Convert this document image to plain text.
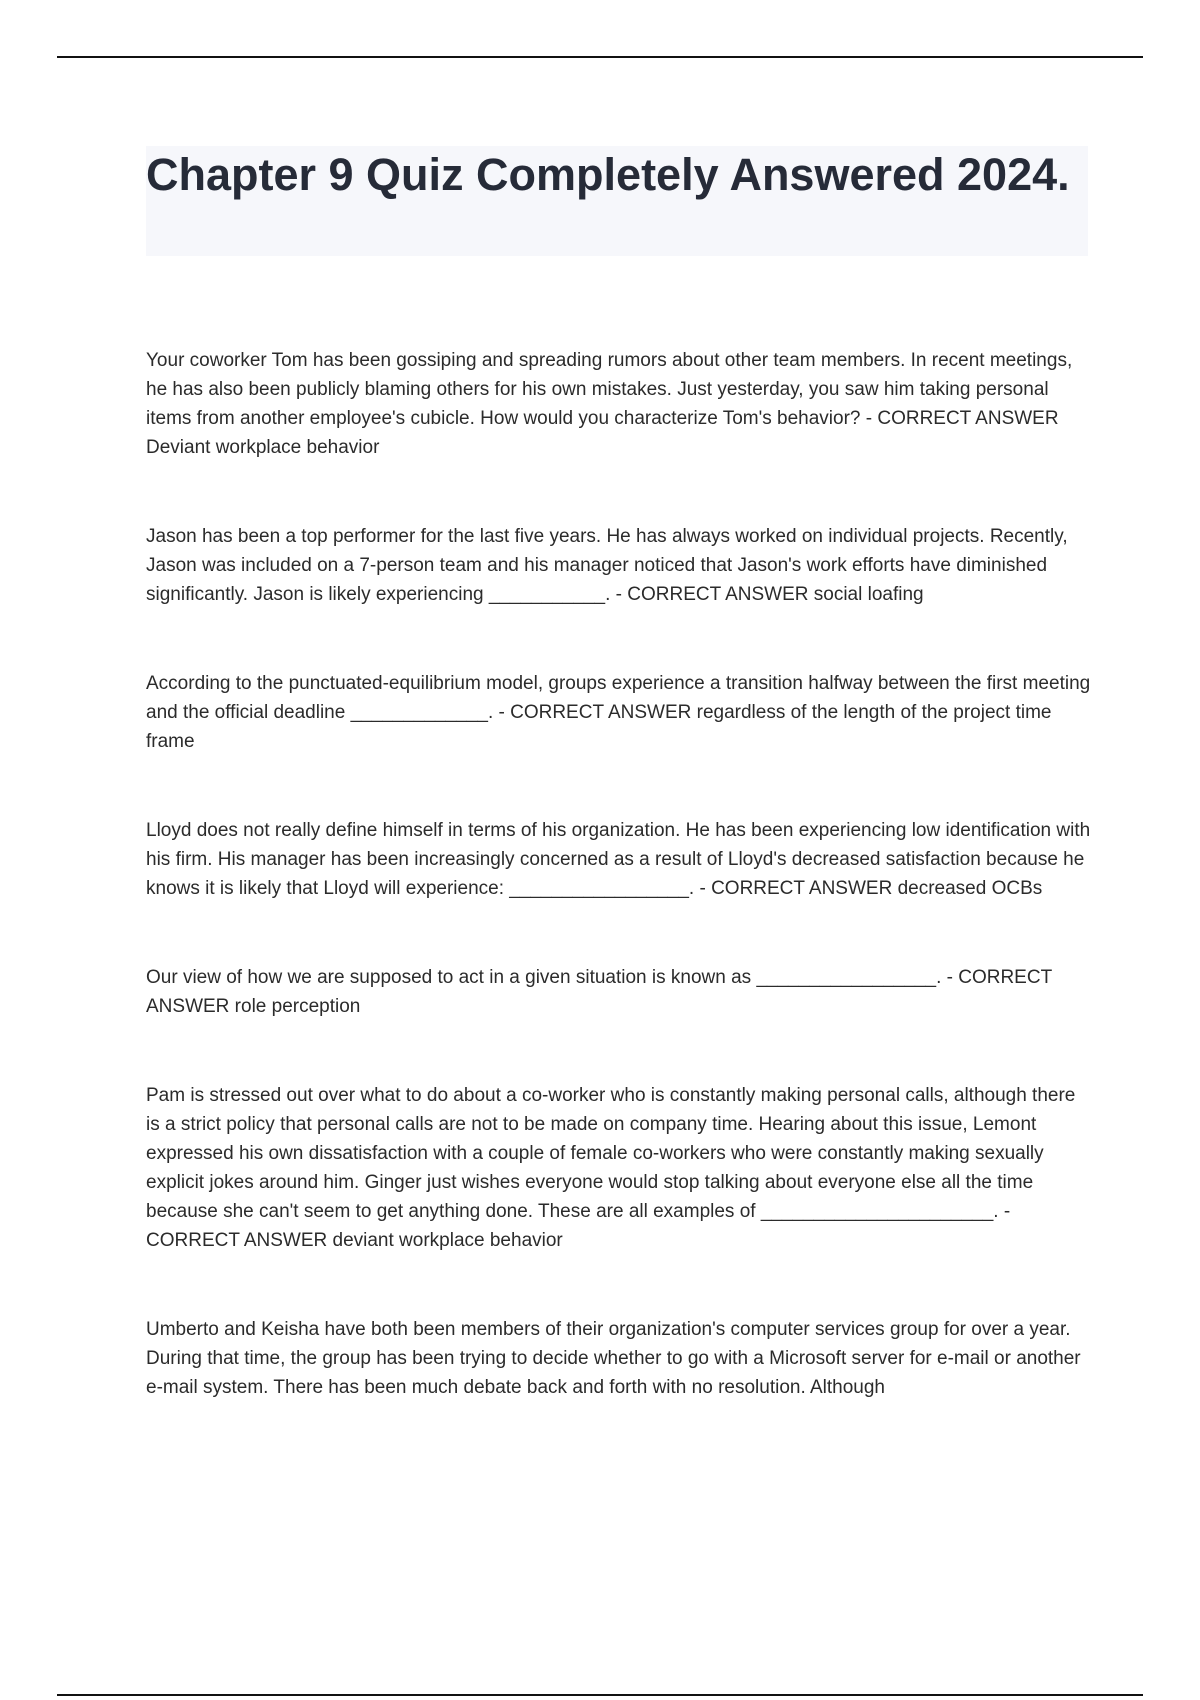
Chapter 9 Quiz Completely Answered 2024.

Your coworker Tom has been gossiping and spreading rumors about other team members. In recent meetings, he has also been publicly blaming others for his own mistakes. Just yesterday, you saw him taking personal items from another employee's cubicle. How would you characterize Tom's behavior? - CORRECT ANSWER Deviant workplace behavior

Jason has been a top performer for the last five years. He has always worked on individual projects. Recently, Jason was included on a 7-person team and his manager noticed that Jason's work efforts have diminished significantly. Jason is likely experiencing ___________. - CORRECT ANSWER social loafing

According to the punctuated-equilibrium model, groups experience a transition halfway between the first meeting and the official deadline _____________. - CORRECT ANSWER regardless of the length of the project time frame

Lloyd does not really define himself in terms of his organization. He has been experiencing low identification with his firm. His manager has been increasingly concerned as a result of Lloyd's decreased satisfaction because he knows it is likely that Lloyd will experience: _________________. - CORRECT ANSWER decreased OCBs

Our view of how we are supposed to act in a given situation is known as _________________. - CORRECT ANSWER role perception

Pam is stressed out over what to do about a co-worker who is constantly making personal calls, although there is a strict policy that personal calls are not to be made on company time. Hearing about this issue, Lemont expressed his own dissatisfaction with a couple of female co-workers who were constantly making sexually explicit jokes around him. Ginger just wishes everyone would stop talking about everyone else all the time because she can't seem to get anything done. These are all examples of ______________________. - CORRECT ANSWER deviant workplace behavior

Umberto and Keisha have both been members of their organization's computer services group for over a year. During that time, the group has been trying to decide whether to go with a Microsoft server for e-mail or another e-mail system. There has been much debate back and forth with no resolution. Although
